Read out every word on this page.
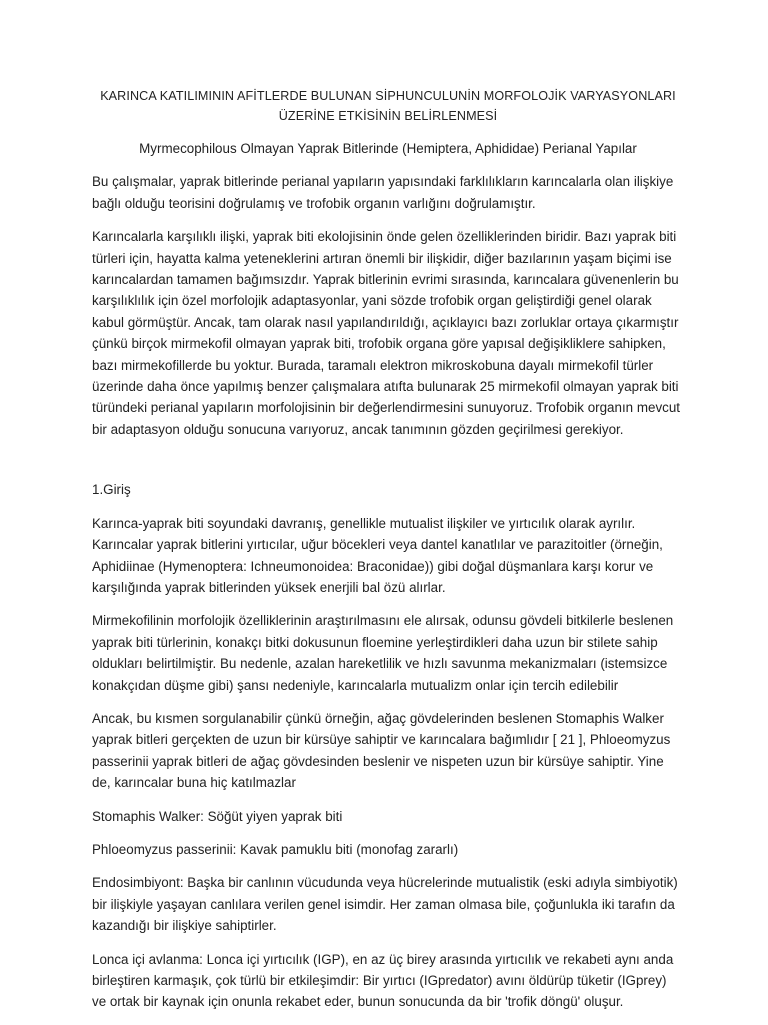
KARINCA KATILIMININ AFİTLERDE BULUNAN SİPHUNCULUNİN MORFOLOJİK VARYASYONLARI
ÜZERİNE ETKİSİNİN BELİRLENMESİ
Myrmecophilous Olmayan Yaprak Bitlerinde (Hemiptera, Aphididae) Perianal Yapılar

Bu çalışmalar, yaprak bitlerinde perianal yapıların yapısındaki farklılıkların karıncalarla olan ilişkiye bağlı olduğu teorisini doğrulamış ve trofobik organın varlığını doğrulamıştır.

Karıncalarla karşılıklı ilişki, yaprak biti ekolojisinin önde gelen özelliklerinden biridir. Bazı yaprak biti türleri için, hayatta kalma yeteneklerini artıran önemli bir ilişkidir, diğer bazılarının yaşam biçimi ise karıncalardan tamamen bağımsızdır. Yaprak bitlerinin evrimi sırasında, karıncalara güvenenlerin bu karşılıklılık için özel morfolojik adaptasyonlar, yani sözde trofobik organ geliştirdiği genel olarak kabul görmüştür. Ancak, tam olarak nasıl yapılandırıldığı, açıklayıcı bazı zorluklar ortaya çıkarmıştır çünkü birçok mirmekofil olmayan yaprak biti, trofobik organa göre yapısal değişikliklere sahipken, bazı mirmekofillerde bu yoktur. Burada, taramalı elektron mikroskobuna dayalı mirmekofil türler üzerinde daha önce yapılmış benzer çalışmalara atıfta bulunarak 25 mirmekofil olmayan yaprak biti türündeki perianal yapıların morfolojisinin bir değerlendirmesini sunuyoruz. Trofobik organın mevcut bir adaptasyon olduğu sonucuna varıyoruz, ancak tanımının gözden geçirilmesi gerekiyor.

1.Giriş

Karınca-yaprak biti soyundaki davranış, genellikle mutualist ilişkiler ve yırtıcılık olarak ayrılır. Karıncalar yaprak bitlerini yırtıcılar, uğur böcekleri veya dantel kanatlılar ve parazitoitler (örneğin, Aphidiinae (Hymenoptera: Ichneumonoidea: Braconidae)) gibi doğal düşmanlara karşı korur ve karşılığında yaprak bitlerinden yüksek enerjili bal özü alırlar.

Mirmekofilinin morfolojik özelliklerinin araştırılmasını ele alırsak, odunsu gövdeli bitkilerle beslenen yaprak biti türlerinin, konakçı bitki dokusunun floemine yerleştirdikleri daha uzun bir stilete sahip oldukları belirtilmiştir. Bu nedenle, azalan hareketlilik ve hızlı savunma mekanizmaları (istemsizce konakçıdan düşme gibi) şansı nedeniyle, karıncalarla mutualizm onlar için tercih edilebilir

Ancak, bu kısmen sorgulanabilir çünkü örneğin, ağaç gövdelerinden beslenen Stomaphis Walker yaprak bitleri gerçekten de uzun bir kürsüye sahiptir ve karıncalara bağımlıdır [ 21 ], Phloeomyzus passerinii yaprak bitleri de ağaç gövdesinden beslenir ve nispeten uzun bir kürsüye sahiptir. Yine de, karıncalar buna hiç katılmazlar

Stomaphis Walker: Söğüt yiyen yaprak biti

Phloeomyzus passerinii: Kavak pamuklu biti (monofag zararlı)

Endosimbiyont: Başka bir canlının vücudunda veya hücrelerinde mutualistik (eski adıyla simbiyotik) bir ilişkiyle yaşayan canlılara verilen genel isimdir. Her zaman olmasa bile, çoğunlukla iki tarafın da kazandığı bir ilişkiye sahiptirler.

Lonca içi avlanma: Lonca içi yırtıcılık (IGP), en az üç birey arasında yırtıcılık ve rekabeti aynı anda birleştiren karmaşık, çok türlü bir etkileşimdir: Bir yırtıcı (IGpredator) avını öldürüp tüketir (IGprey) ve ortak bir kaynak için onunla rekabet eder, bunun sonucunda da bir 'trofik döngü' oluşur.
